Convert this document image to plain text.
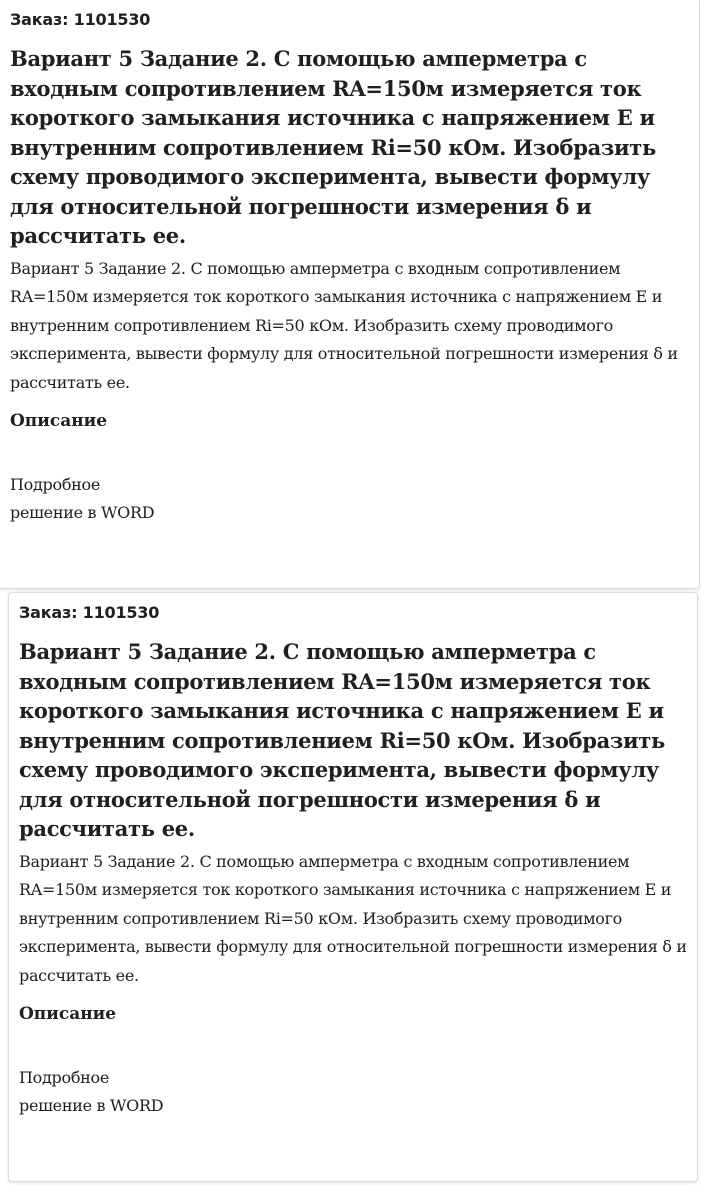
Заказ: 1101530
Вариант 5 Задание 2. С помощью амперметра с входным сопротивлением RA=150м измеряется ток короткого замыкания источника с напряжением E и внутренним сопротивлением Ri=50 кОм. Изобразить схему проводимого эксперимента, вывести формулу для относительной погрешности измерения δ и рассчитать ее.
Вариант 5 Задание 2. С помощью амперметра с входным сопротивлением RA=150м измеряется ток короткого замыкания источника с напряжением E и внутренним сопротивлением Ri=50 кОм. Изобразить схему проводимого эксперимента, вывести формулу для относительной погрешности измерения δ и рассчитать ее.
Описание
Подробное
решение в WORD
Заказ: 1101530
Вариант 5 Задание 2. С помощью амперметра с входным сопротивлением RA=150м измеряется ток короткого замыкания источника с напряжением E и внутренним сопротивлением Ri=50 кОм. Изобразить схему проводимого эксперимента, вывести формулу для относительной погрешности измерения δ и рассчитать ее.
Вариант 5 Задание 2. С помощью амперметра с входным сопротивлением RA=150м измеряется ток короткого замыкания источника с напряжением E и внутренним сопротивлением Ri=50 кОм. Изобразить схему проводимого эксперимента, вывести формулу для относительной погрешности измерения δ и рассчитать ее.
Описание
Подробное
решение в WORD
